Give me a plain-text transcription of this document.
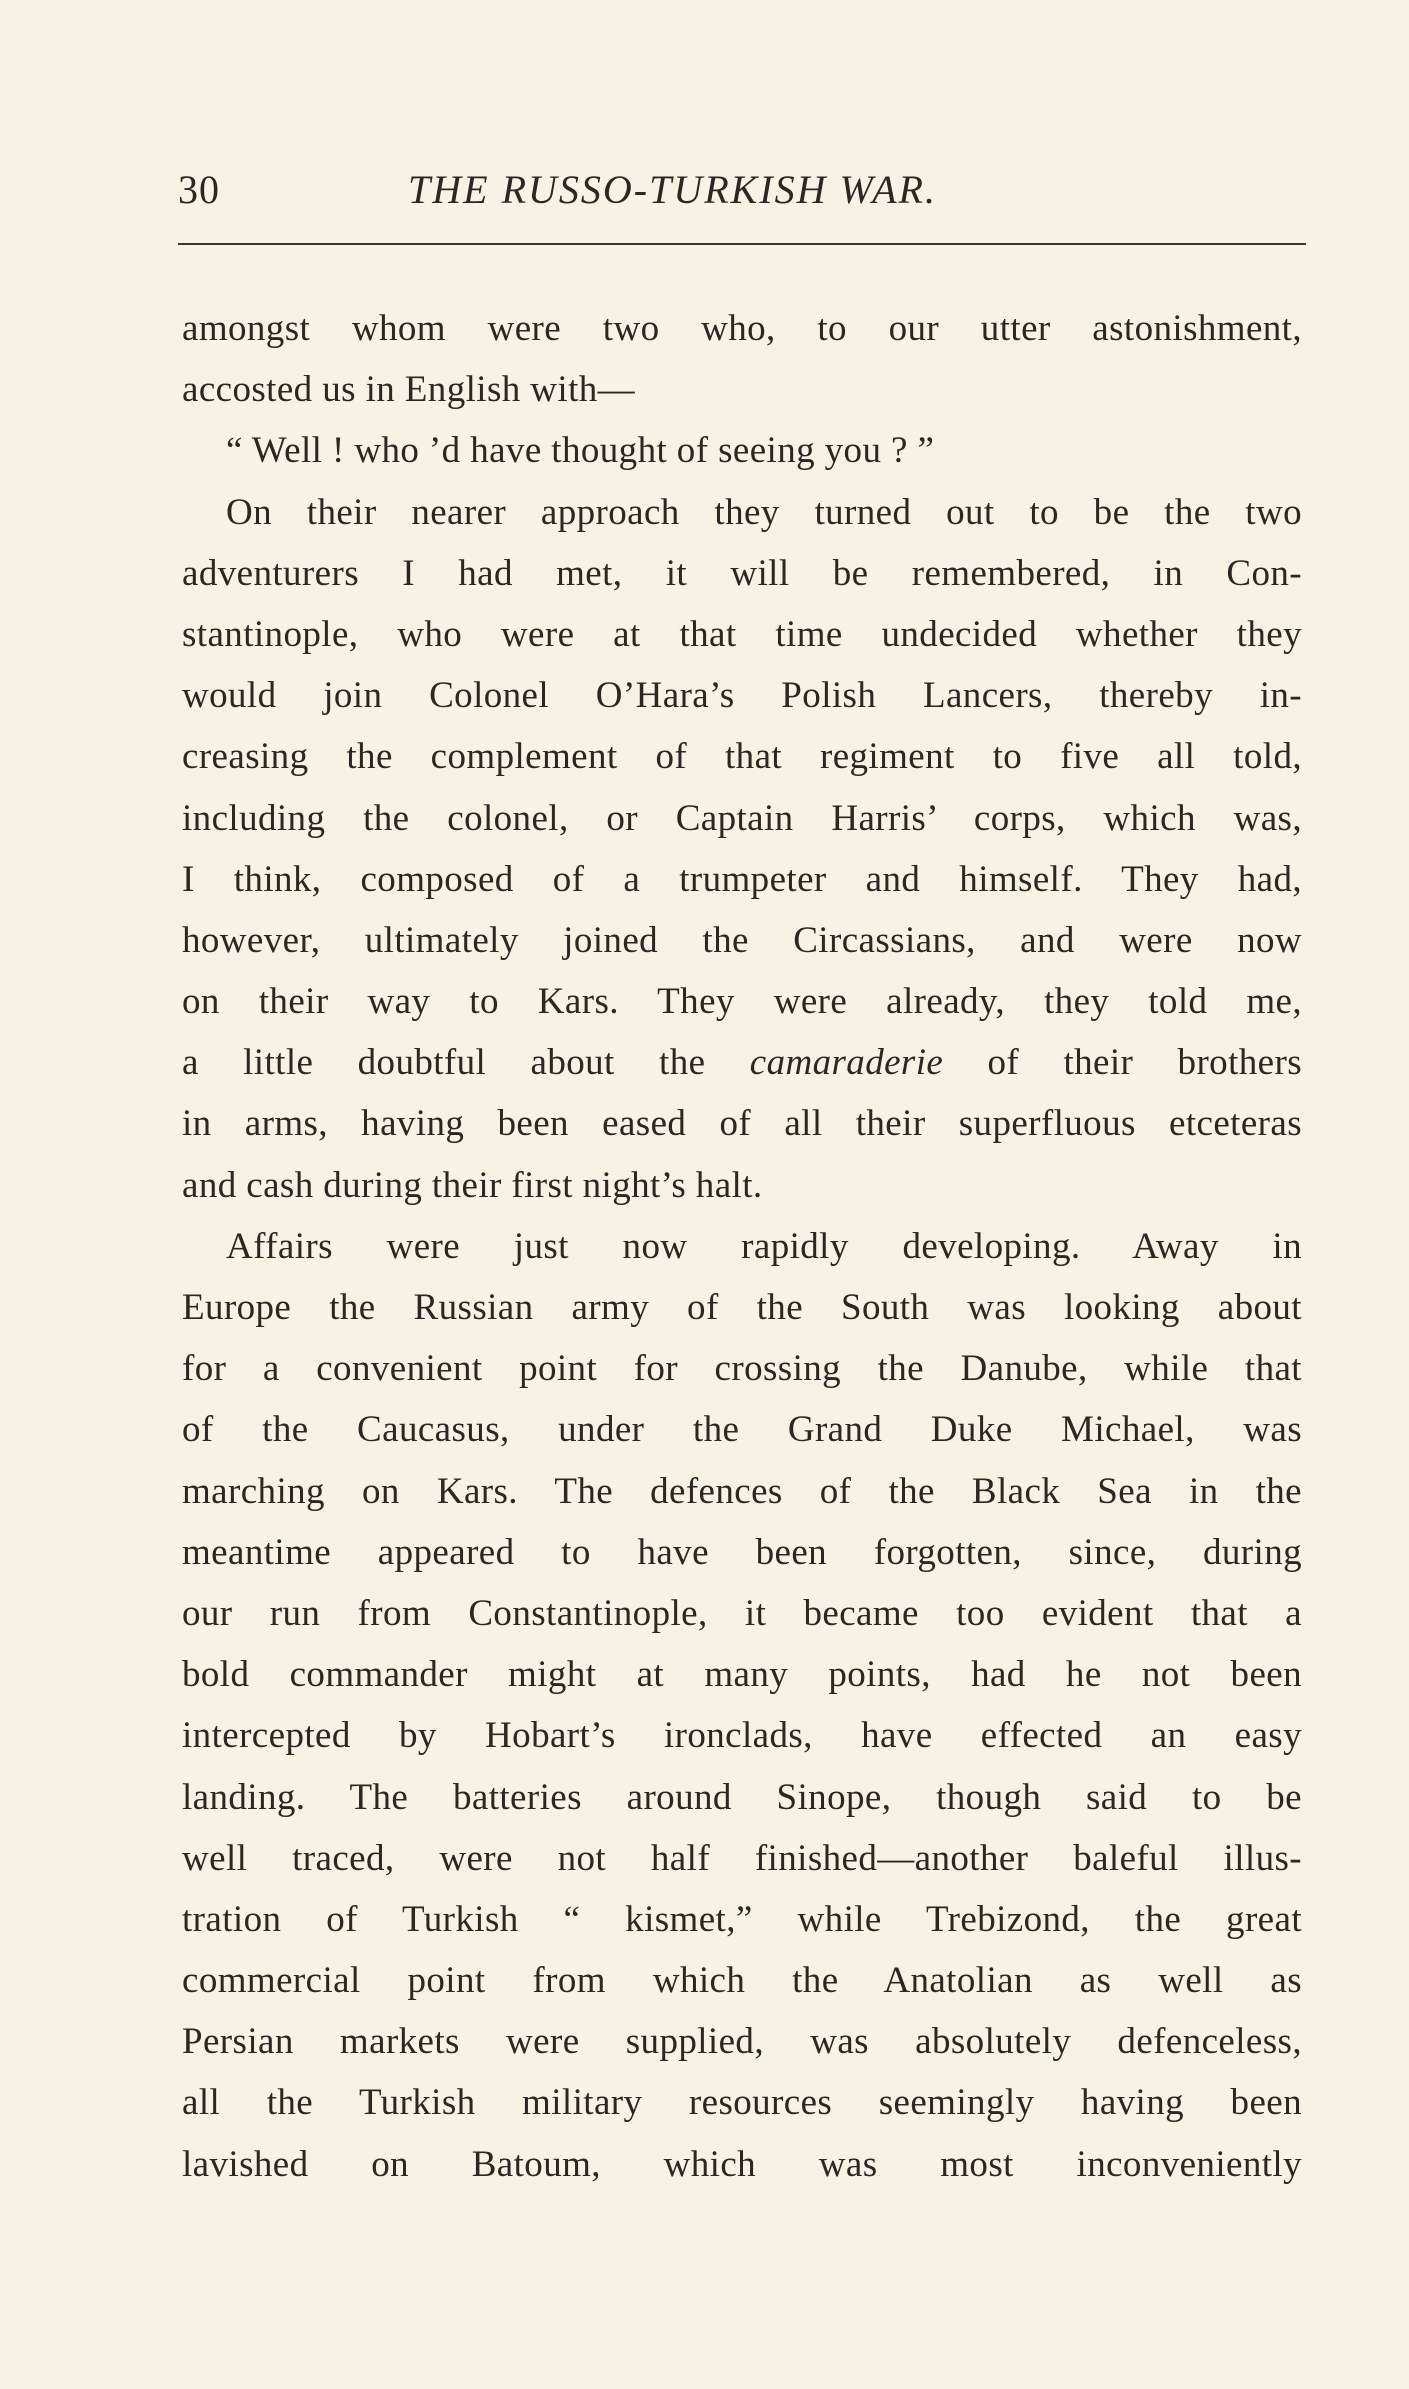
30	THE RUSSO-TURKISH WAR.
amongst whom were two who, to our utter astonishment,
accosted us in English with—
“ Well ! who ’d have thought of seeing you ? ”
On their nearer approach they turned out to be the two
adventurers I had met, it will be remembered, in Con-
stantinople, who were at that time undecided whether they
would join Colonel O’Hara’s Polish Lancers, thereby in-
creasing the complement of that regiment to five all told,
including the colonel, or Captain Harris’ corps, which was,
I think, composed of a trumpeter and himself. They had,
however, ultimately joined the Circassians, and were now
on their way to Kars. They were already, they told me,
a little doubtful about the camaraderie of their brothers
in arms, having been eased of all their superfluous etceteras
and cash during their first night’s halt.
Affairs were just now rapidly developing. Away in
Europe the Russian army of the South was looking about
for a convenient point for crossing the Danube, while that
of the Caucasus, under the Grand Duke Michael, was
marching on Kars. The defences of the Black Sea in the
meantime appeared to have been forgotten, since, during
our run from Constantinople, it became too evident that a
bold commander might at many points, had he not been
intercepted by Hobart’s ironclads, have effected an easy
landing. The batteries around Sinope, though said to be
well traced, were not half finished—another baleful illus-
tration of Turkish “ kismet,” while Trebizond, the great
commercial point from which the Anatolian as well as
Persian markets were supplied, was absolutely defenceless,
all the Turkish military resources seemingly having been
lavished on Batoum, which was most inconveniently
